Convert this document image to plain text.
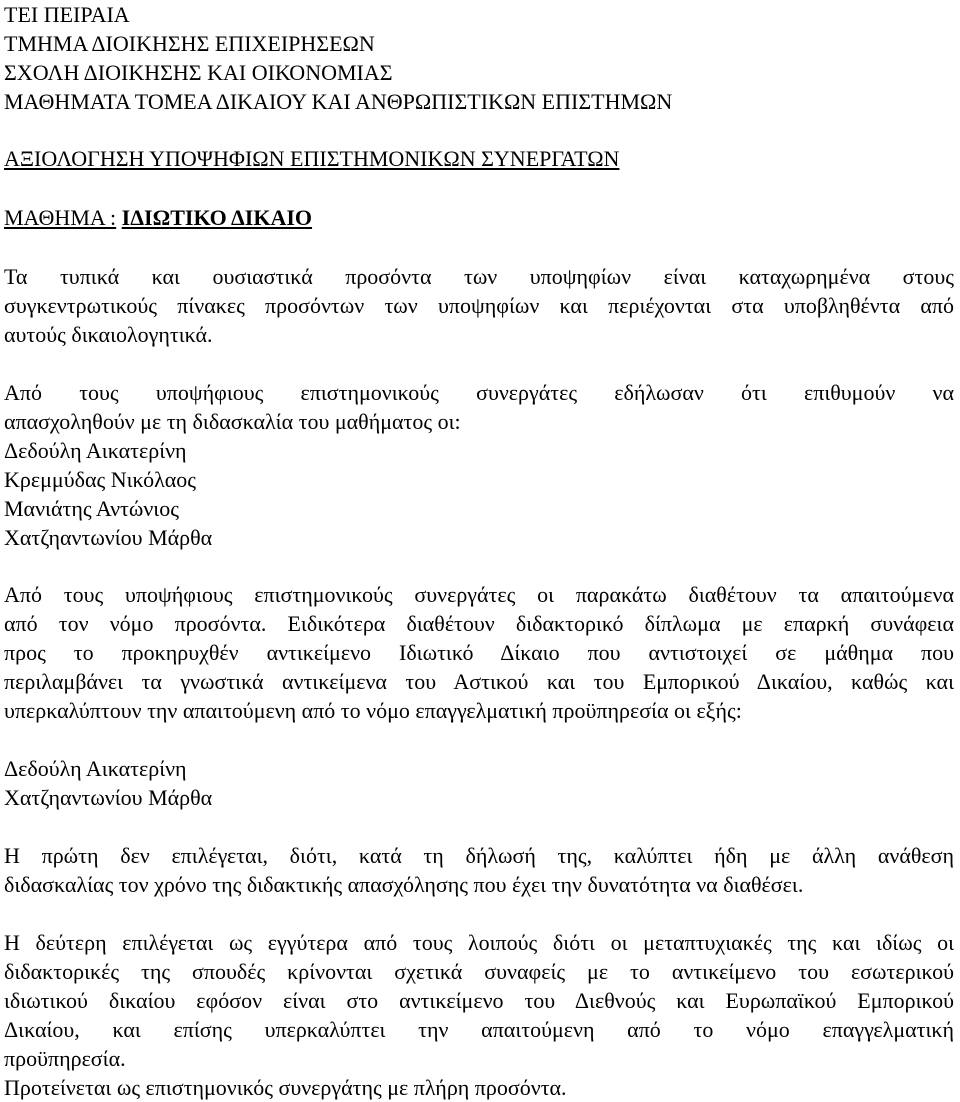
ΤΕΙ ΠΕΙΡΑΙΑ
ΤΜΗΜΑ ΔΙΟΙΚΗΣΗΣ ΕΠΙΧΕΙΡΗΣΕΩΝ
ΣΧΟΛΗ ΔΙΟΙΚΗΣΗΣ ΚΑΙ ΟΙΚΟΝΟΜΙΑΣ
ΜΑΘΗΜΑΤΑ ΤΟΜΕΑ ΔΙΚΑΙΟΥ ΚΑΙ ΑΝΘΡΩΠΙΣΤΙΚΩΝ ΕΠΙΣΤΗΜΩΝ
ΑΞΙΟΛΟΓΗΣΗ ΥΠΟΨΗΦΙΩΝ ΕΠΙΣΤΗΜΟΝΙΚΩΝ ΣΥΝΕΡΓΑΤΩΝ
ΜΑΘΗΜΑ : ΙΔΙΩΤΙΚΟ ΔΙΚΑΙΟ

Τα τυπικά και ουσιαστικά προσόντα των υποψηφίων είναι καταχωρημένα στους

συγκεντρωτικούς πίνακες προσόντων των υποψηφίων και περιέχονται στα υποβληθέντα από

αυτούς δικαιολογητικά.

Από τους υποψήφιους επιστημονικούς συνεργάτες εδήλωσαν ότι επιθυμούν να

απασχοληθούν με τη διδασκαλία του μαθήματος οι:

Δεδούλη Αικατερίνη
Κρεμμύδας Νικόλαος
Μανιάτης Αντώνιος
Χατζηαντωνίου Μάρθα

Από τους υποψήφιους επιστημονικούς συνεργάτες οι παρακάτω διαθέτουν τα απαιτούμενα

από τον νόμο προσόντα. Ειδικότερα διαθέτουν διδακτορικό δίπλωμα με επαρκή συνάφεια

προς το προκηρυχθέν αντικείμενο Ιδιωτικό Δίκαιο που αντιστοιχεί σε μάθημα που

περιλαμβάνει τα γνωστικά αντικείμενα του Αστικού και του Εμπορικού Δικαίου, καθώς και

υπερκαλύπτουν την απαιτούμενη από το νόμο επαγγελματική προϋπηρεσία οι εξής:

Δεδούλη Αικατερίνη
Χατζηαντωνίου Μάρθα

Η πρώτη δεν επιλέγεται, διότι, κατά τη δήλωσή της, καλύπτει ήδη με άλλη ανάθεση

διδασκαλίας τον χρόνο της διδακτικής απασχόλησης που έχει την δυνατότητα να διαθέσει.

Η δεύτερη επιλέγεται ως εγγύτερα από τους λοιπούς διότι οι μεταπτυχιακές της και ιδίως οι

διδακτορικές της σπουδές κρίνονται σχετικά συναφείς με το αντικείμενο του εσωτερικού

ιδιωτικού δικαίου εφόσον είναι στο αντικείμενο του Διεθνούς και Ευρωπαϊκού Εμπορικού

Δικαίου, και επίσης υπερκαλύπτει την απαιτούμενη από το νόμο επαγγελματική

προϋπηρεσία.

Προτείνεται ως επιστημονικός συνεργάτης με πλήρη προσόντα.
